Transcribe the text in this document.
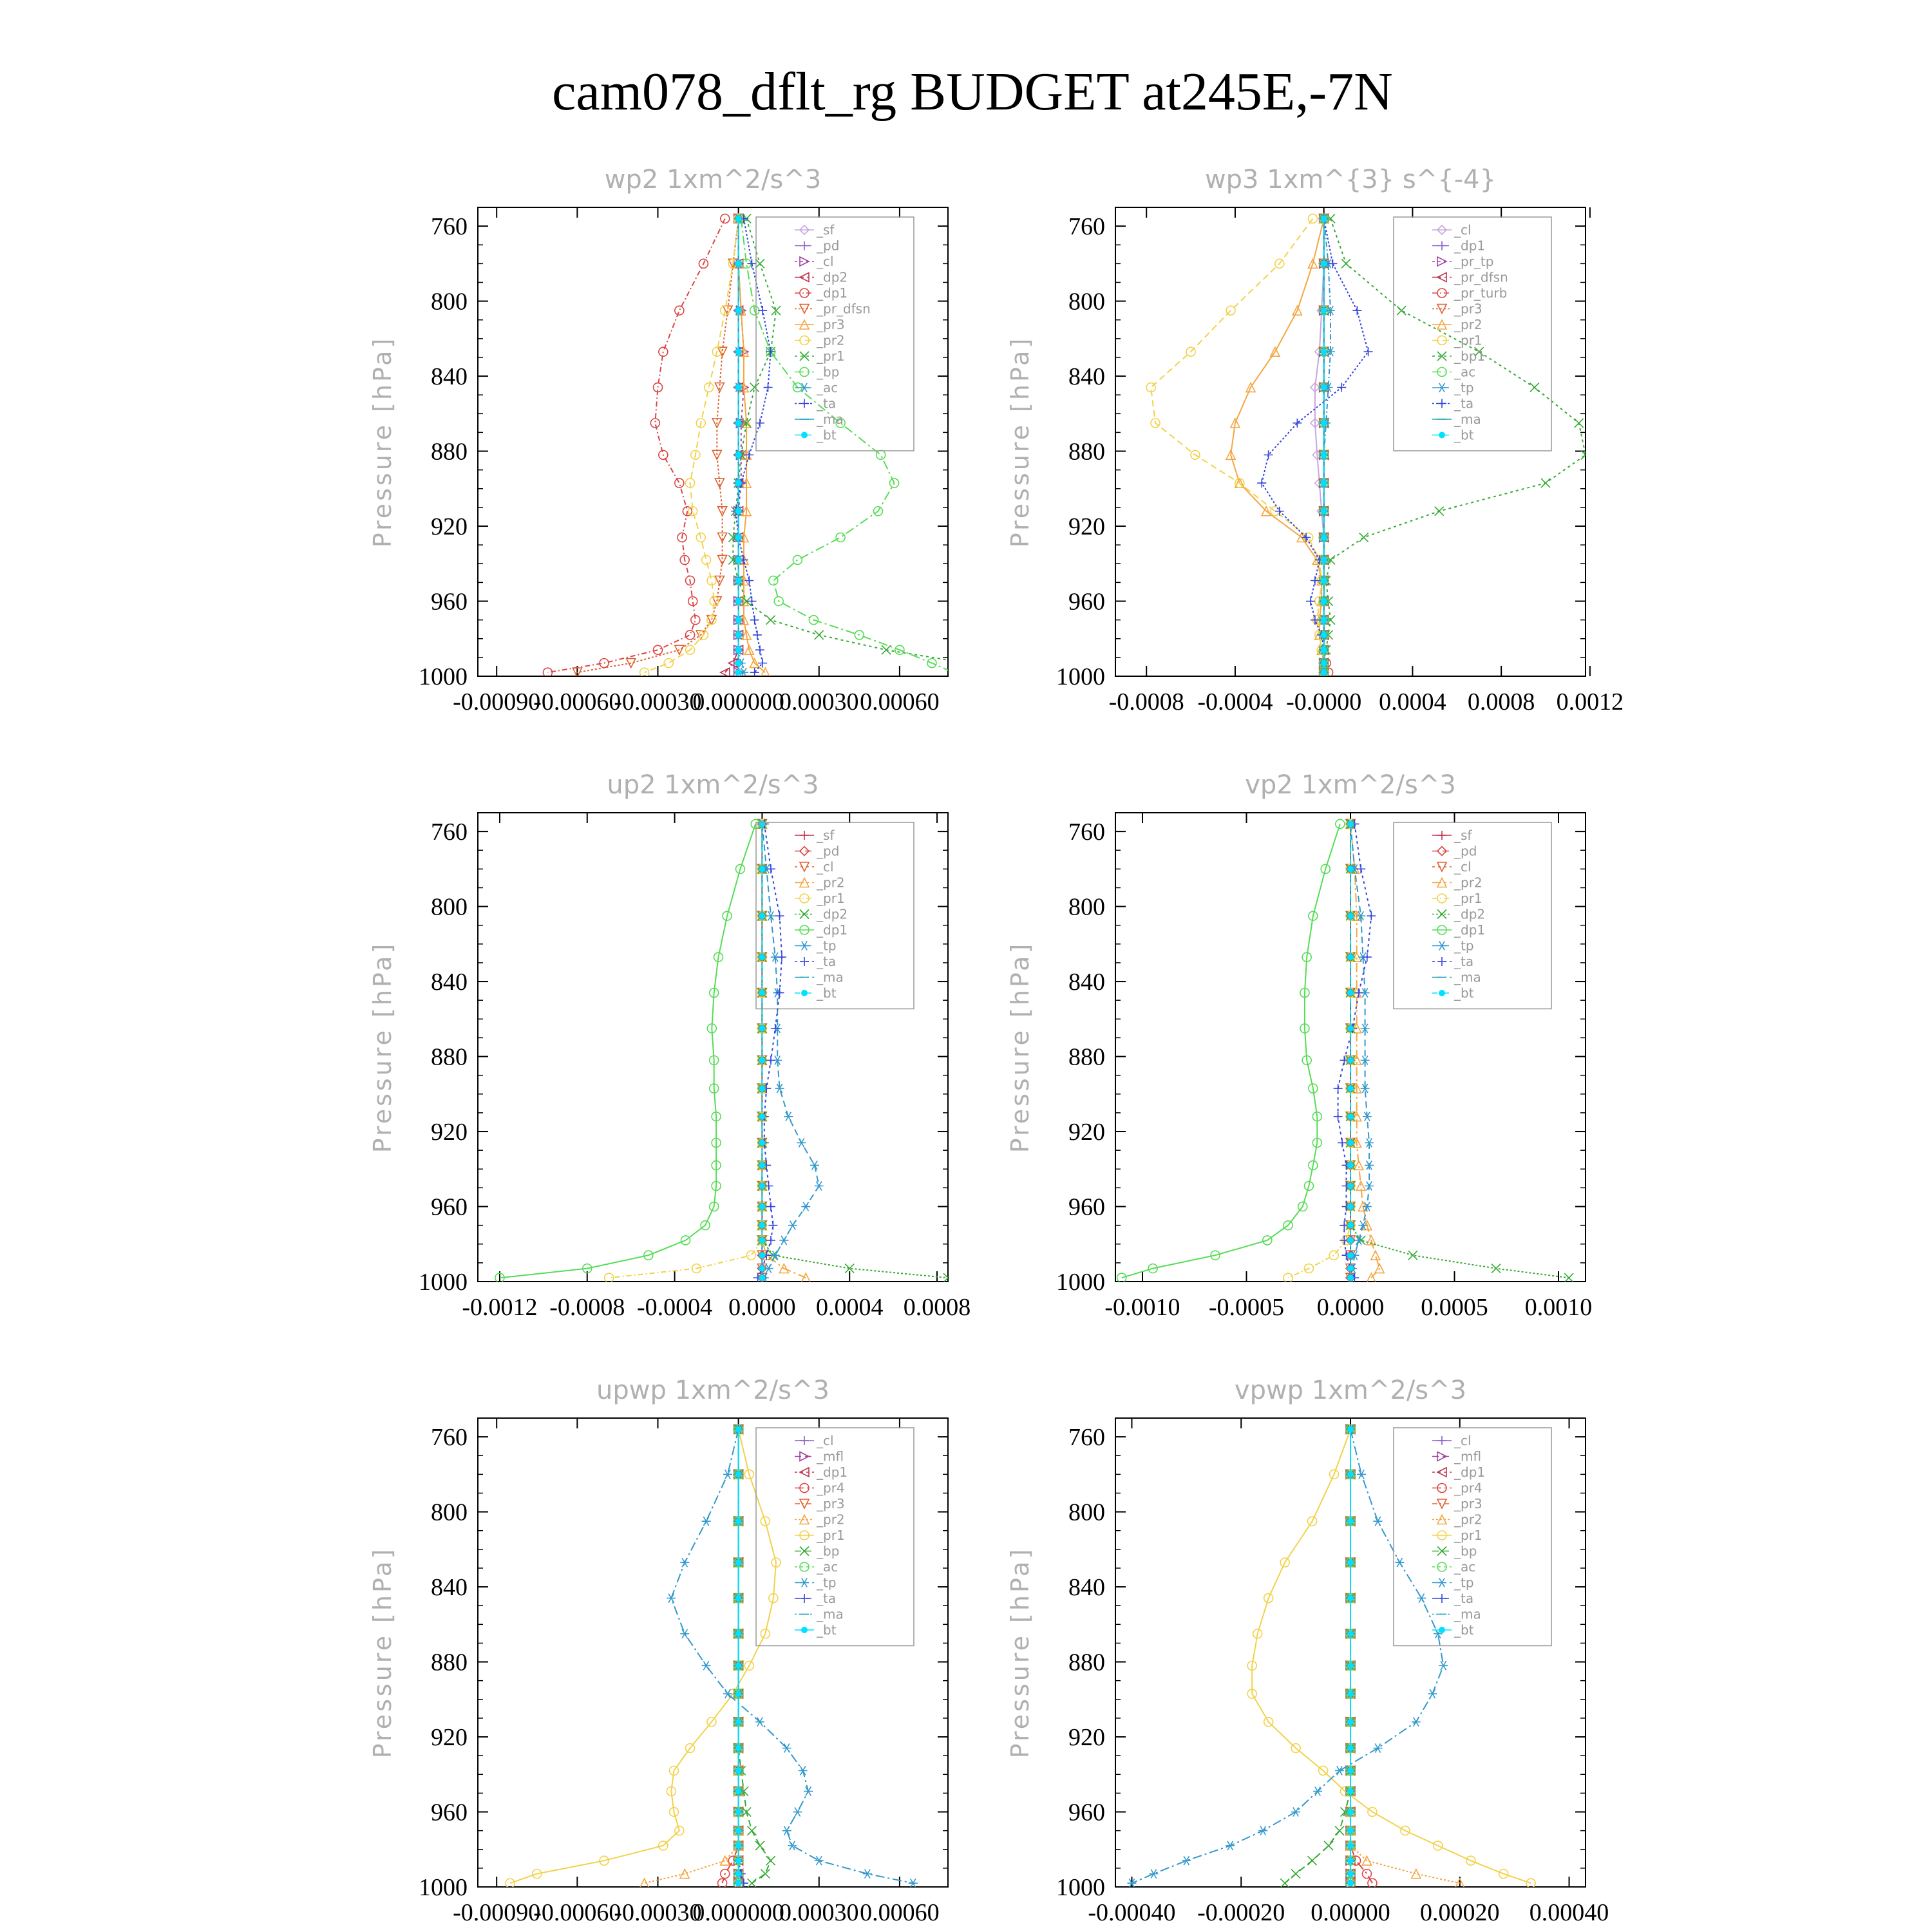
cam078_dflt_rg BUDGET at245E,-7N
wp2 1xm^2/s^3
Pressure [hPa]
760
800
840
880
920
960
1000
-0.00090
-0.00060
-0.00030
0.000000
0.00030 0.00060
_sf
_pd
_cl
_dp2
_dp1
_pr_dfsn
_pr3
_pr2
_pr1
_bp
_ac
_ta
_ma
_bt
wp3 1xm^{3} s^{-4}
Pressure [hPa]
760
800
840
880
920
960
1000
-0.0008 -0.0004 -0.0000 0.0004 0.0008 0.0012
_cl
_dp1
_pr_tp
_pr_dfsn
_pr_turb
_pr3
_pr2
_pr1
_bp1
_ac
_tp
_ta
_ma
_bt
up2 1xm^2/s^3
Pressure [hPa]
760
800
840
880
920
960
1000
-0.0012 -0.0008 -0.0004 0.0000 0.0004 0.0008
_sf
_pd
_cl
_pr2
_pr1
_dp2
_dp1
_tp
_ta
_ma
_bt
vp2 1xm^2/s^3
Pressure [hPa]
760
800
840
880
920
960
1000
-0.0010 -0.0005 0.0000 0.0005 0.0010
_sf
_pd
_cl
_pr2
_pr1
_dp2
_dp1
_tp
_ta
_ma
_bt
upwp 1xm^2/s^3
Pressure [hPa]
760
800
840
880
920
960
1000
-0.00090
-0.00060
-0.00030
0.000000
0.00030 0.00060
_cl
_mfl
_dp1
_pr4
_pr3
_pr2
_pr1
_bp
_ac
_tp
_ta
_ma
_bt
vpwp 1xm^2/s^3
Pressure [hPa]
760
800
840
880
920
960
1000
-0.00040 -0.00020 0.00000 0.00020 0.00040
_cl
_mfl
_dp1
_pr4
_pr3
_pr2
_pr1
_bp
_ac
_tp
_ta
_ma
_bt
